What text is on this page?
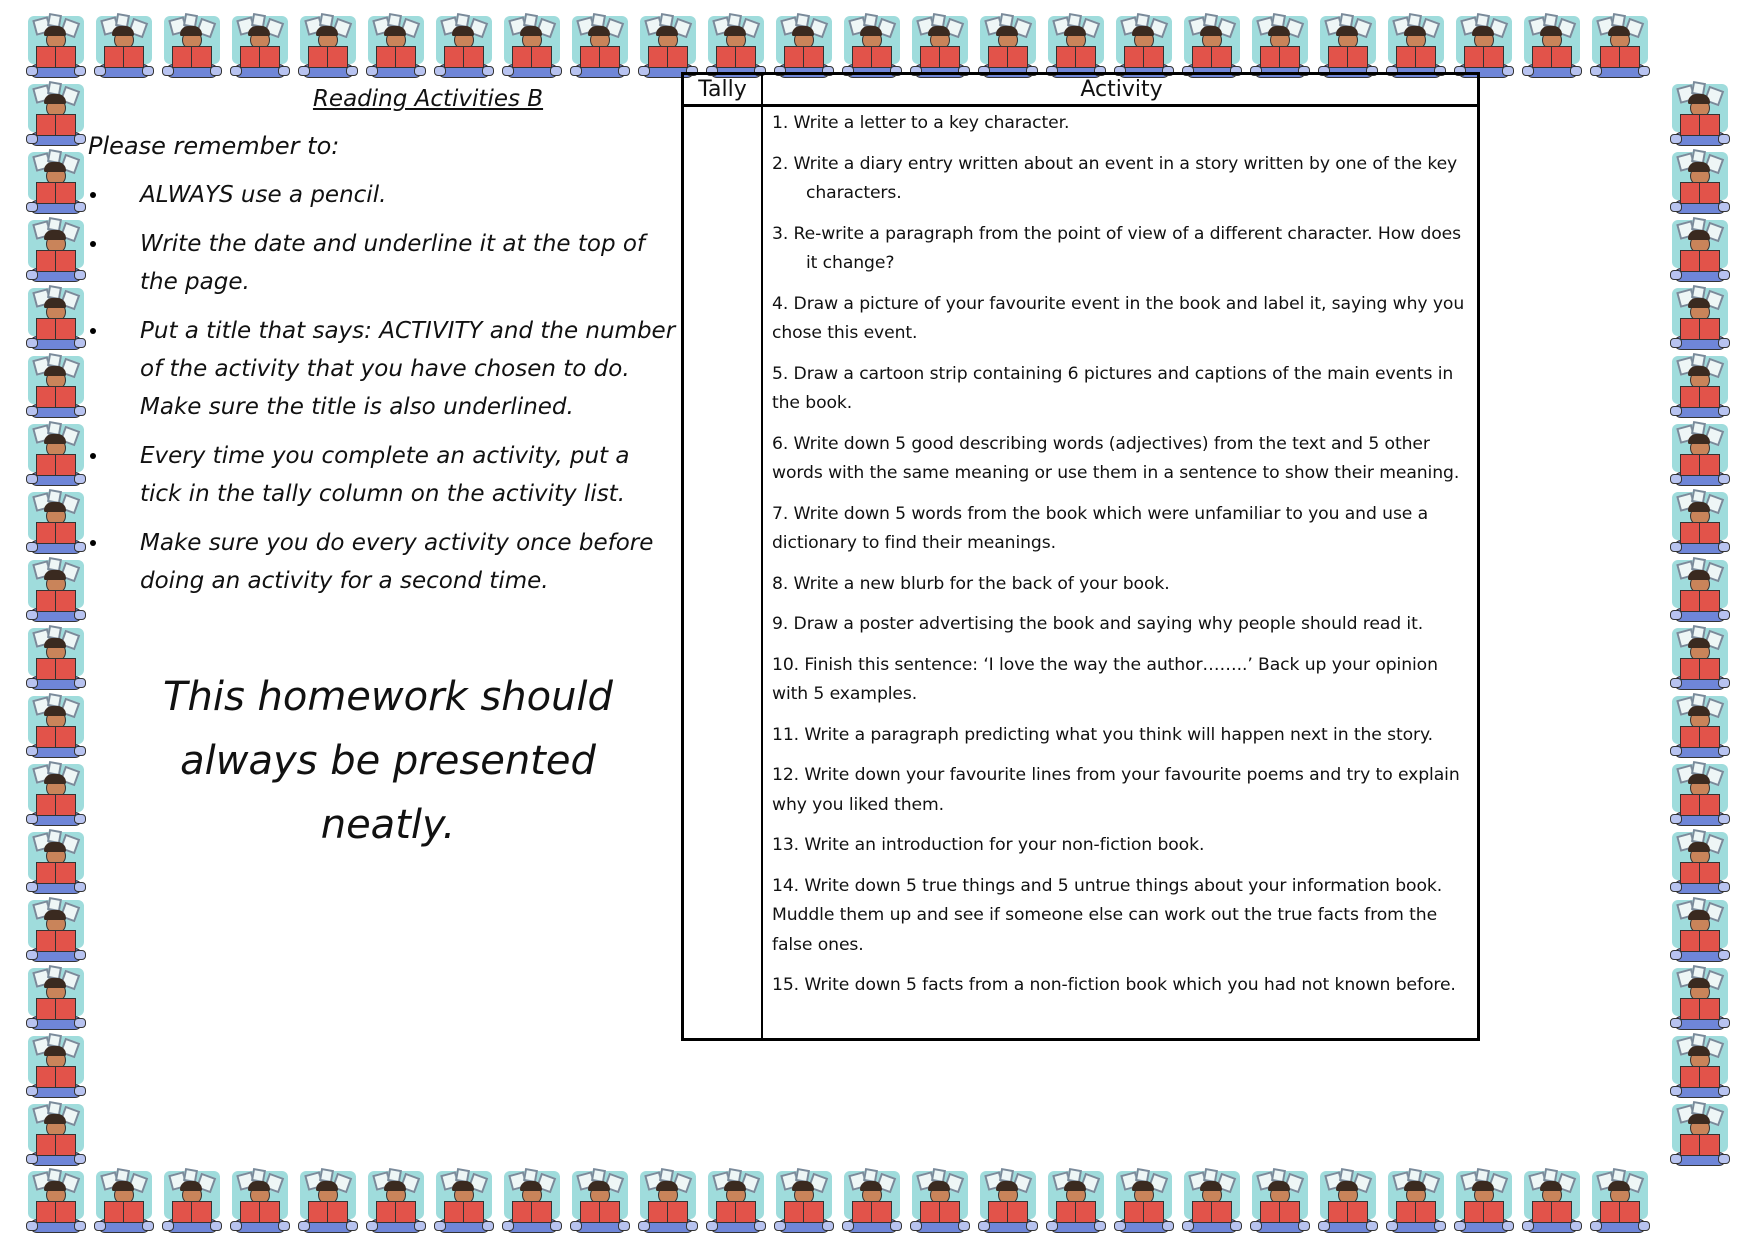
Reading Activities B
Please remember to:
ALWAYS use a pencil.
Write the date and underline it at the top of the page.
Put a title that says: ACTIVITY and the number of the activity that you have chosen to do. Make sure the title is also underlined.
Every time you complete an activity, put a tick in the tally column on the activity list.
Make sure you do every activity once before doing an activity for a second time.
This homework should always be presented neatly.
Tally	Activity
1. Write a letter to a key character.
2. Write a diary entry written about an event in a story written by one of the key characters.
3. Re-write a paragraph from the point of view of a different character. How does it change?
4. Draw a picture of your favourite event in the book and label it, saying why you chose this event.
5. Draw a cartoon strip containing 6 pictures and captions of the main events in the book.
6. Write down 5 good describing words (adjectives) from the text and 5 other words with the same meaning or use them in a sentence to show their meaning.
7. Write down 5 words from the book which were unfamiliar to you and use a dictionary to find their meanings.
8. Write a new blurb for the back of your book.
9. Draw a poster advertising the book and saying why people should read it.
10. Finish this sentence: ‘I love the way the author……..’ Back up your opinion with 5 examples.
11. Write a paragraph predicting what you think will happen next in the story.
12. Write down your favourite lines from your favourite poems and try to explain why you liked them.
13. Write an introduction for your non-fiction book.
14. Write down 5 true things and 5 untrue things about your information book. Muddle them up and see if someone else can work out the true facts from the false ones.
15. Write down 5 facts from a non-fiction book which you had not known before.
